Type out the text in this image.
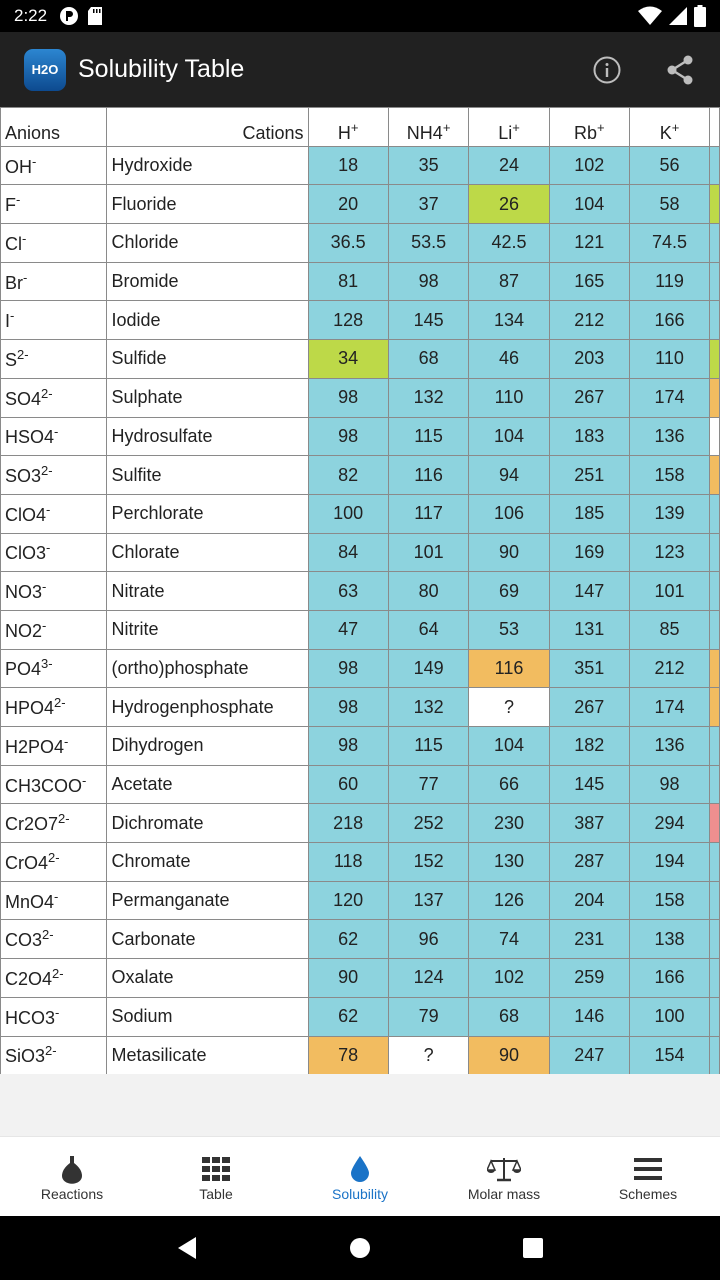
2:22
H2O Solubility Table
Anions	Cations	H+	NH4+	Li+	Rb+	K+	
OH-	Hydroxide	18	35	24	102	56	
F-	Fluoride	20	37	26	104	58	
Cl-	Chloride	36.5	53.5	42.5	121	74.5	
Br-	Bromide	81	98	87	165	119	
I-	Iodide	128	145	134	212	166	
$S^{2-}$	Sulfide	34	68	46	203	110	
$SO4^{2-}$	Sulphate	98	132	110	267	174	
HSO4-	Hydrosulfate	98	115	104	183	136	
$SO3^{2-}$	Sulfite	82	116	94	251	158	
ClO4-	Perchlorate	100	117	106	185	139	
ClO3-	Chlorate	84	101	90	169	123	
NO3-	Nitrate	63	80	69	147	101	
NO2-	Nitrite	47	64	53	131	85	
$PO4^{3-}$	(ortho)phosphate	98	149	116	351	212	
$HPO4^{2-}$	Hydrogenphosphate	98	132	?	267	174	
H2PO4-	Dihydrogen	98	115	104	182	136	
CH3COO-	Acetate	60	77	66	145	98	
$Cr2O7^{2-}$	Dichromate	218	252	230	387	294	
$CrO4^{2-}$	Chromate	118	152	130	287	194	
MnO4-	Permanganate	120	137	126	204	158	
$CO3^{2-}$	Carbonate	62	96	74	231	138	
$C2O4^{2-}$	Oxalate	90	124	102	259	166	
HCO3-	Sodium	62	79	68	146	100	
$SiO3^{2-}$	Metasilicate	78	?	90	247	154	
Reactions	Table	Solubility	Molar mass	Schemes
